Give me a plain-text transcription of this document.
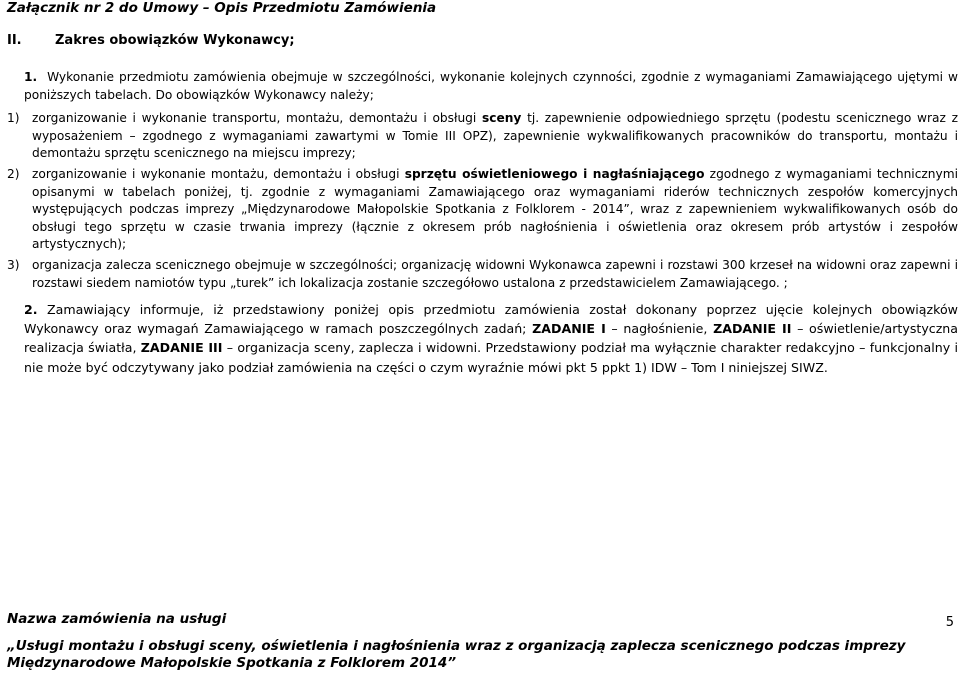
Załącznik nr 2 do Umowy – Opis Przedmiotu Zamówienia
II.	Zakres obowiązków Wykonawcy;
1. Wykonanie przedmiotu zamówienia obejmuje w szczególności, wykonanie kolejnych czynności, zgodnie z wymaganiami Zamawiającego ujętymi w poniższych tabelach. Do obowiązków Wykonawcy należy;
1) zorganizowanie i wykonanie transportu, montażu, demontażu i obsługi sceny tj. zapewnienie odpowiedniego sprzętu (podestu scenicznego wraz z wyposażeniem – zgodnego z wymaganiami zawartymi w Tomie III OPZ), zapewnienie wykwalifikowanych pracowników do transportu, montażu i demontażu sprzętu scenicznego na miejscu imprezy;
2) zorganizowanie i wykonanie montażu, demontażu i obsługi sprzętu oświetleniowego i nagłaśniającego zgodnego z wymaganiami technicznymi opisanymi w tabelach poniżej, tj. zgodnie z wymaganiami Zamawiającego oraz wymaganiami riderów technicznych zespołów komercyjnych występujących podczas imprezy „Międzynarodowe Małopolskie Spotkania z Folklorem - 2014”, wraz z zapewnieniem wykwalifikowanych osób do obsługi tego sprzętu w czasie trwania imprezy (łącznie z okresem prób nagłośnienia i oświetlenia oraz okresem prób artystów i zespołów artystycznych);
3) organizacja zalecza scenicznego obejmuje w szczególności; organizację widowni Wykonawca zapewni i rozstawi 300 krzeseł na widowni oraz zapewni i rozstawi siedem namiotów typu „turek” ich lokalizacja zostanie szczegółowo ustalona z przedstawicielem Zamawiającego. ;
2. Zamawiający informuje, iż przedstawiony poniżej opis przedmiotu zamówienia został dokonany poprzez ujęcie kolejnych obowiązków Wykonawcy oraz wymagań Zamawiającego w ramach poszczególnych zadań; ZADANIE I – nagłośnienie, ZADANIE II – oświetlenie/artystyczna realizacja światła, ZADANIE III – organizacja sceny, zaplecza i widowni. Przedstawiony podział ma wyłącznie charakter redakcyjno – funkcjonalny i nie może być odczytywany jako podział zamówienia na części o czym wyraźnie mówi pkt 5 ppkt 1) IDW – Tom I niniejszej SIWZ.
Nazwa zamówienia na usługi	5
„Usługi montażu i obsługi sceny, oświetlenia i nagłośnienia wraz z organizacją zaplecza scenicznego podczas imprezy Międzynarodowe Małopolskie Spotkania z Folklorem 2014”
